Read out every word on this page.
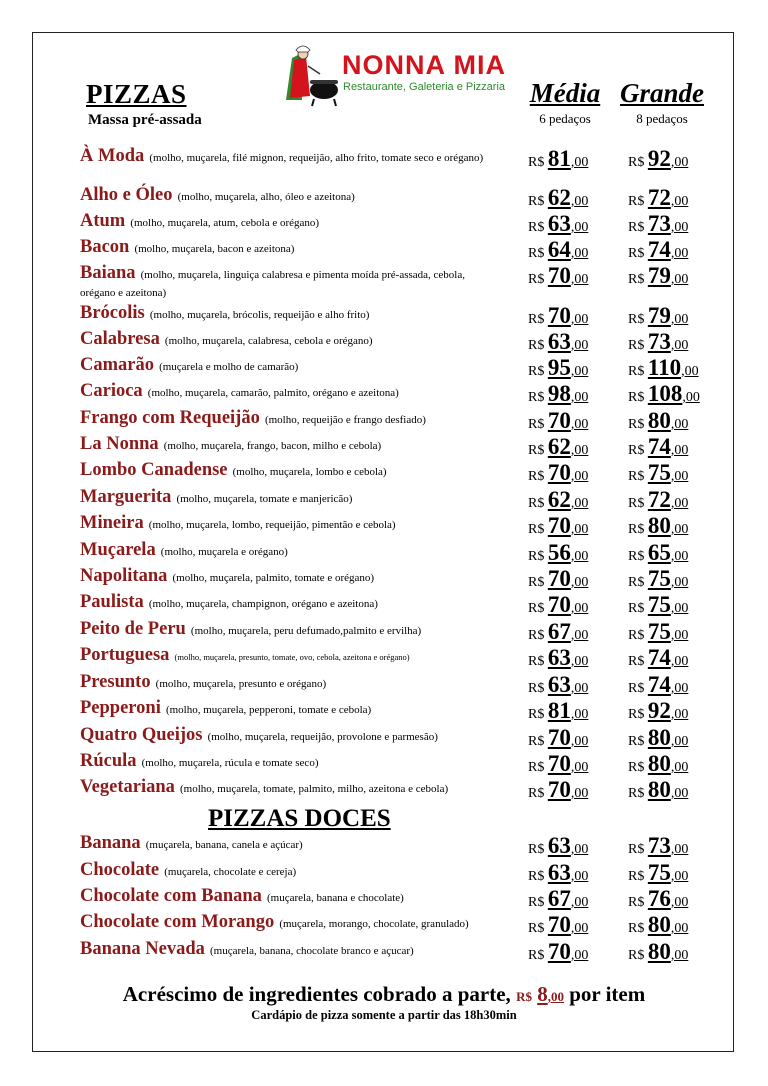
PIZZAS
Massa pré-assada
NONNA MIA
Restaurante, Galeteria e Pizzaria Média
6 pedaços
Grande
8 pedaços
À Moda (molho, muçarela, filé mignon, requeijão, alho frito, tomate seco e orégano)	R$ 81,00	R$ 92,00
Alho e Óleo (molho, muçarela, alho, óleo e azeitona)	R$ 62,00	R$ 72,00
Atum (molho, muçarela, atum, cebola e orégano)	R$ 63,00	R$ 73,00
Bacon (molho, muçarela, bacon e azeitona)	R$ 64,00	R$ 74,00
Baiana (molho, muçarela, linguiça calabresa e pimenta moída pré-assada, cebola, orégano e azeitona)
R$ 70,00	R$ 79,00
Brócolis (molho, muçarela, brócolis, requeijão e alho frito)	R$ 70,00	R$ 79,00
Calabresa (molho, muçarela, calabresa, cebola e orégano)	R$ 63,00	R$ 73,00
Camarão (muçarela e molho de camarão)	R$ 95,00	R$ 110,00
Carioca (molho, muçarela, camarão, palmito, orégano e azeitona)	R$ 98,00	R$ 108,00
Frango com Requeijão (molho, requeijão e frango desfiado)	R$ 70,00	R$ 80,00
La Nonna (molho, muçarela, frango, bacon, milho e cebola)	R$ 62,00	R$ 74,00
Lombo Canadense (molho, muçarela, lombo e cebola)	R$ 70,00	R$ 75,00
Marguerita (molho, muçarela, tomate e manjericão)	R$ 62,00	R$ 72,00
Mineira (molho, muçarela, lombo, requeijão, pimentão e cebola)	R$ 70,00	R$ 80,00
Muçarela (molho, muçarela e orégano)	R$ 56,00	R$ 65,00
Napolitana (molho, muçarela, palmito, tomate e orégano)	R$ 70,00	R$ 75,00
Paulista (molho, muçarela, champignon, orégano e azeitona)	R$ 70,00	R$ 75,00
Peito de Peru (molho, muçarela, peru defumado,palmito e ervilha)	R$ 67,00	R$ 75,00
Portuguesa (molho, muçarela, presunto, tomate, ovo, cebola, azeitona e orégano)	R$ 63,00	R$ 74,00
Presunto (molho, muçarela, presunto e orégano)	R$ 63,00	R$ 74,00
Pepperoni (molho, muçarela, pepperoni, tomate e cebola)	R$ 81,00	R$ 92,00
Quatro Queijos (molho, muçarela, requeijão, provolone e parmesão)	R$ 70,00	R$ 80,00
Rúcula (molho, muçarela, rúcula e tomate seco)	R$ 70,00	R$ 80,00
Vegetariana (molho, muçarela, tomate, palmito, milho, azeitona e cebola)	R$ 70,00	R$ 80,00
PIZZAS DOCES
Banana (muçarela, banana, canela e açúcar)	R$ 63,00	R$ 73,00
Chocolate (muçarela, chocolate e cereja)	R$ 63,00	R$ 75,00
Chocolate com Banana (muçarela, banana e chocolate)	R$ 67,00	R$ 76,00
Chocolate com Morango (muçarela, morango, chocolate, granulado)	R$ 70,00	R$ 80,00
Banana Nevada (muçarela, banana, chocolate branco e açucar)	R$ 70,00	R$ 80,00
Acréscimo de ingredientes cobrado a parte, R$ 8,00 por item
Cardápio de pizza somente a partir das 18h30min
